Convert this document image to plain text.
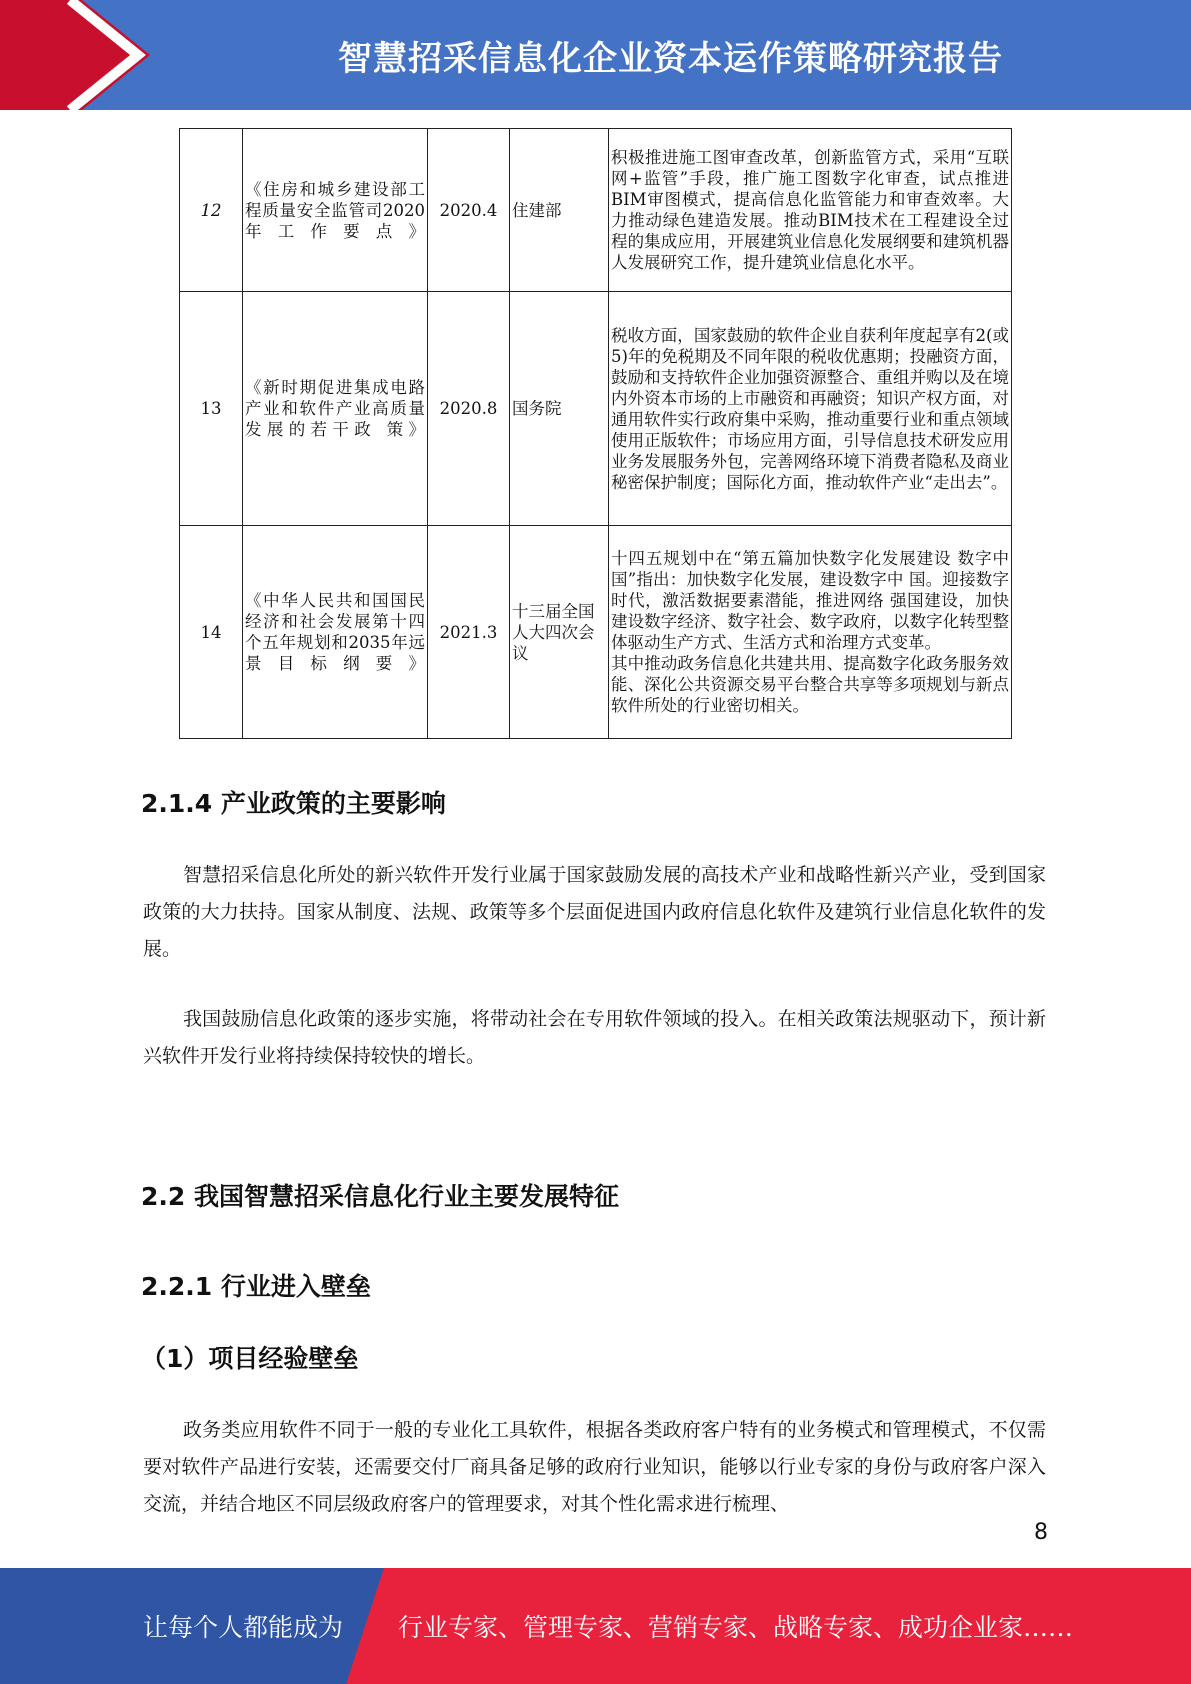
智慧招采信息化企业资本运作策略研究报告
12	《住房和城乡建设部工程质量安全监管司2020年工作要点》	2020.4	住建部	积极推进施工图审查改革，创新监管方式，采用“互联网+监管”手段，推广施工图数字化审查，试点推进BIM审图模式，提高信息化监管能力和审查效率。大力推动绿色建造发展。推动BIM技术在工程建设全过程的集成应用，开展建筑业信息化发展纲要和建筑机器人发展研究工作，提升建筑业信息化水平。

13	《新时期促进集成电路产业和软件产业高质量发展的若干政 策》	2020.8	国务院	税收方面，国家鼓励的软件企业自获利年度起享有2(或5)年的免税期及不同年限的税收优惠期；投融资方面，鼓励和支持软件企业加强资源整合、重组并购以及在境内外资本市场的上市融资和再融资；知识产权方面，对通用软件实行政府集中采购，推动重要行业和重点领域使用正版软件；市场应用方面，引导信息技术研发应用业务发展服务外包，完善网络环境下消费者隐私及商业秘密保护制度；国际化方面，推动软件产业“走出去”。

14	《中华人民共和国国民经济和社会发展第十四个五年规划和2035年远景目标纲要》	2021.3	十三届全国人大四次会议	十四五规划中在“第五篇加快数字化发展建设 数字中国”指出：加快数字化发展，建设数字中 国。迎接数字时代，激活数据要素潜能，推进网络 强国建设，加快建设数字经济、数字社会、数字政府，以数字化转型整体驱动生产方式、生活方式和治理方式变革。
其中推动政务信息化共建共用、提高数字化政务服务效能、深化公共资源交易平台整合共享等多项规划与新点软件所处的行业密切相关。
2.1.4 产业政策的主要影响

智慧招采信息化所处的新兴软件开发行业属于国家鼓励发展的高技术产业和战略性新兴产业，受到国家政策的大力扶持。国家从制度、法规、政策等多个层面促进国内政府信息化软件及建筑行业信息化软件的发展。

我国鼓励信息化政策的逐步实施，将带动社会在专用软件领域的投入。在相关政策法规驱动下，预计新兴软件开发行业将持续保持较快的增长。

2.2 我国智慧招采信息化行业主要发展特征
2.2.1 行业进入壁垒
（1）项目经验壁垒

政务类应用软件不同于一般的专业化工具软件，根据各类政府客户特有的业务模式和管理模式，不仅需要对软件产品进行安装，还需要交付厂商具备足够的政府行业知识，能够以行业专家的身份与政府客户深入交流，并结合地区不同层级政府客户的管理要求，对其个性化需求进行梳理、

8
让每个人都能成为 行业专家、管理专家、营销专家、战略专家、成功企业家……
